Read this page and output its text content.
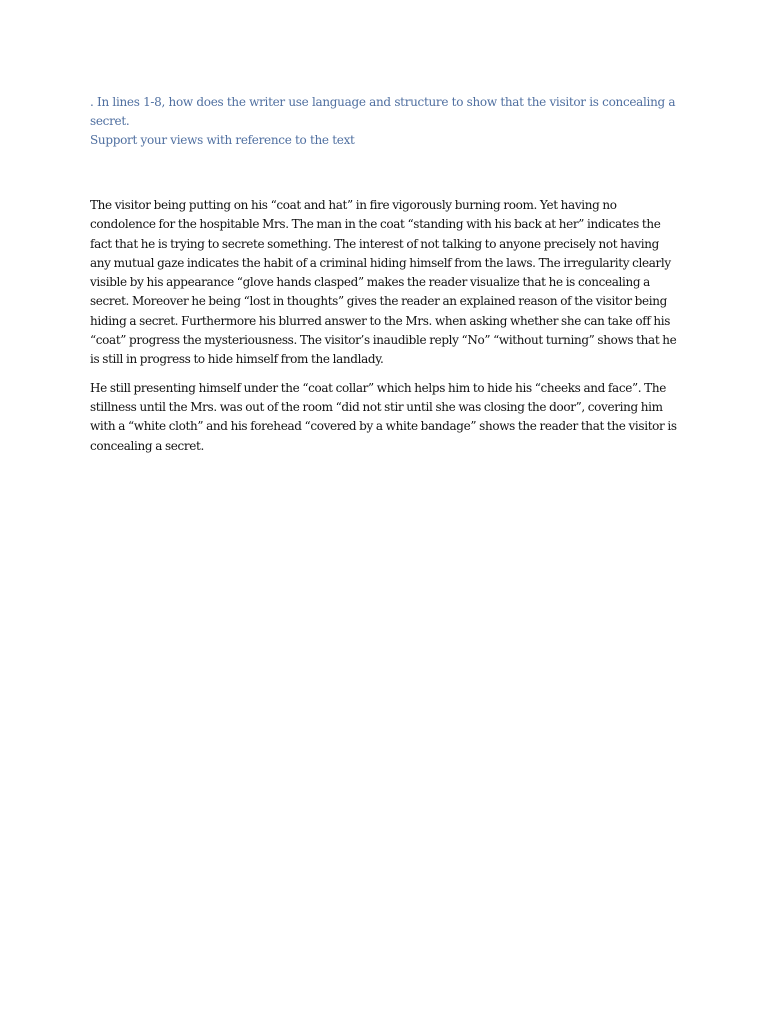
. In lines 1-8, how does the writer use language and structure to show that the visitor is concealing a secret.

Support your views with reference to the text

The visitor being putting on his “coat and hat” in fire vigorously burning room. Yet having no condolence for the hospitable Mrs. The man in the coat “standing with his back at her” indicates the fact that he is trying to secrete something. The interest of not talking to anyone precisely not having any mutual gaze indicates the habit of a criminal hiding himself from the laws. The irregularity clearly visible by his appearance “glove hands clasped” makes the reader visualize that he is concealing a secret. Moreover he being “lost in thoughts” gives the reader an explained reason of the visitor being hiding a secret. Furthermore his blurred answer to the Mrs. when asking whether she can take off his “coat” progress the mysteriousness. The visitor’s inaudible reply “No” “without turning” shows that he is still in progress to hide himself from the landlady.

He still presenting himself under the “coat collar” which helps him to hide his “cheeks and face”. The stillness until the Mrs. was out of the room “did not stir until she was closing the door”, covering him with a “white cloth” and his forehead “covered by a white bandage” shows the reader that the visitor is concealing a secret.
